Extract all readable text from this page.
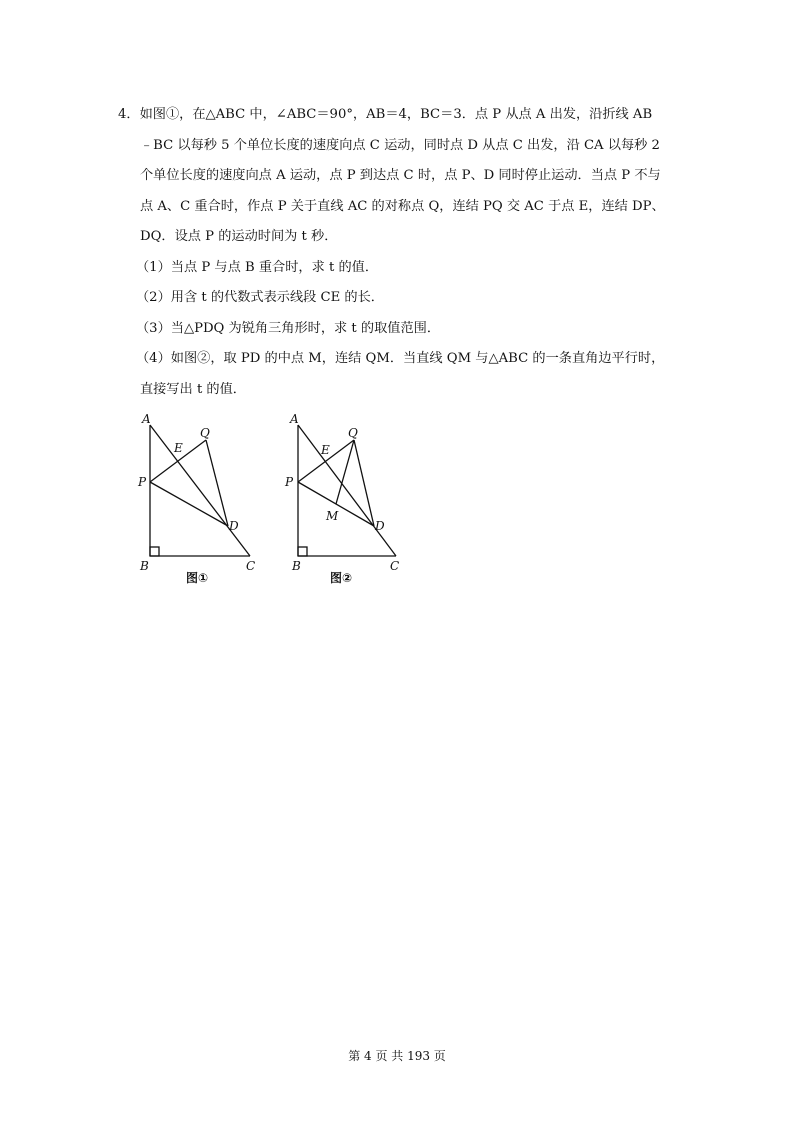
4．如图①，在△ABC 中，∠ABC＝90°，AB＝4，BC＝3．点 P 从点 A 出发，沿折线 AB
﹣BC 以每秒 5 个单位长度的速度向点 C 运动，同时点 D 从点 C 出发，沿 CA 以每秒 2
个单位长度的速度向点 A 运动，点 P 到达点 C 时，点 P、D 同时停止运动．当点 P 不与
点 A、C 重合时，作点 P 关于直线 AC 的对称点 Q，连结 PQ 交 AC 于点 E，连结 DP、
DQ．设点 P 的运动时间为 t 秒．
（1）当点 P 与点 B 重合时，求 t 的值．
（2）用含 t 的代数式表示线段 CE 的长．
（3）当△PDQ 为锐角三角形时，求 t 的取值范围．
（4）如图②，取 PD 的中点 M，连结 QM．当直线 QM 与△ABC 的一条直角边平行时，
直接写出 t 的值．
A
B	C
D
E
P
Q
图①
A
B	C
D
E
P
Q
M
图②
第 4 页 共 193 页
